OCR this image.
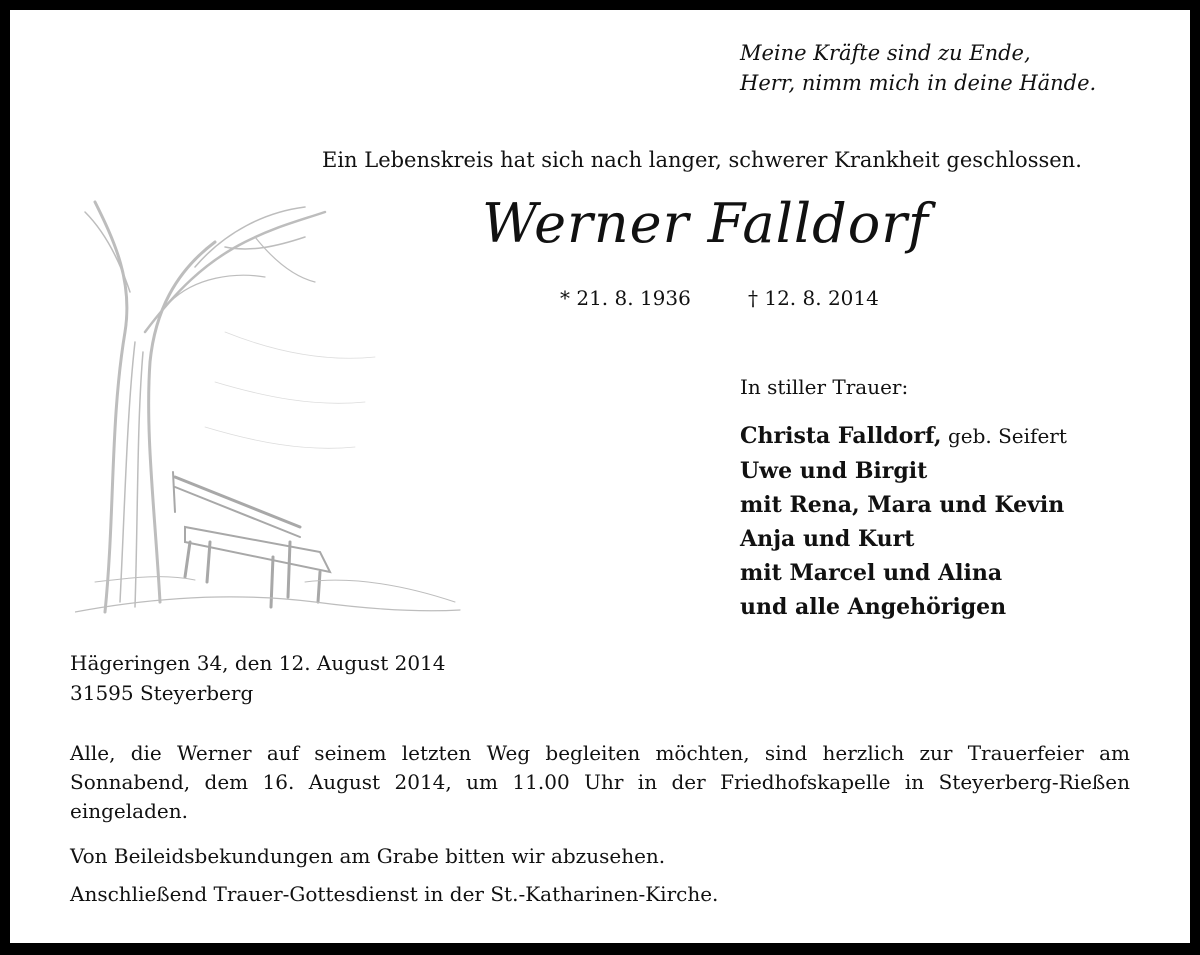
Meine Kräfte sind zu Ende,
Herr, nimm mich in deine Hände.
Ein Lebenskreis hat sich nach langer, schwerer Krankheit geschlossen.
Werner Falldorf
* 21. 8. 1936	† 12. 8. 2014
In stiller Trauer:
Christa Falldorf, geb. Seifert
Uwe und Birgit
mit Rena, Mara und Kevin
Anja und Kurt
mit Marcel und Alina
und alle Angehörigen
Hägeringen 34, den 12. August 2014
31595 Steyerberg
Alle, die Werner auf seinem letzten Weg begleiten möchten, sind herzlich zur Trauerfeier am Sonnabend, dem 16. August 2014, um 11.00 Uhr in der Friedhofskapelle in Steyerberg-Rießen eingeladen.
Von Beileidsbekundungen am Grabe bitten wir abzusehen.
Anschließend Trauer-Gottesdienst in der St.-Katharinen-Kirche.
